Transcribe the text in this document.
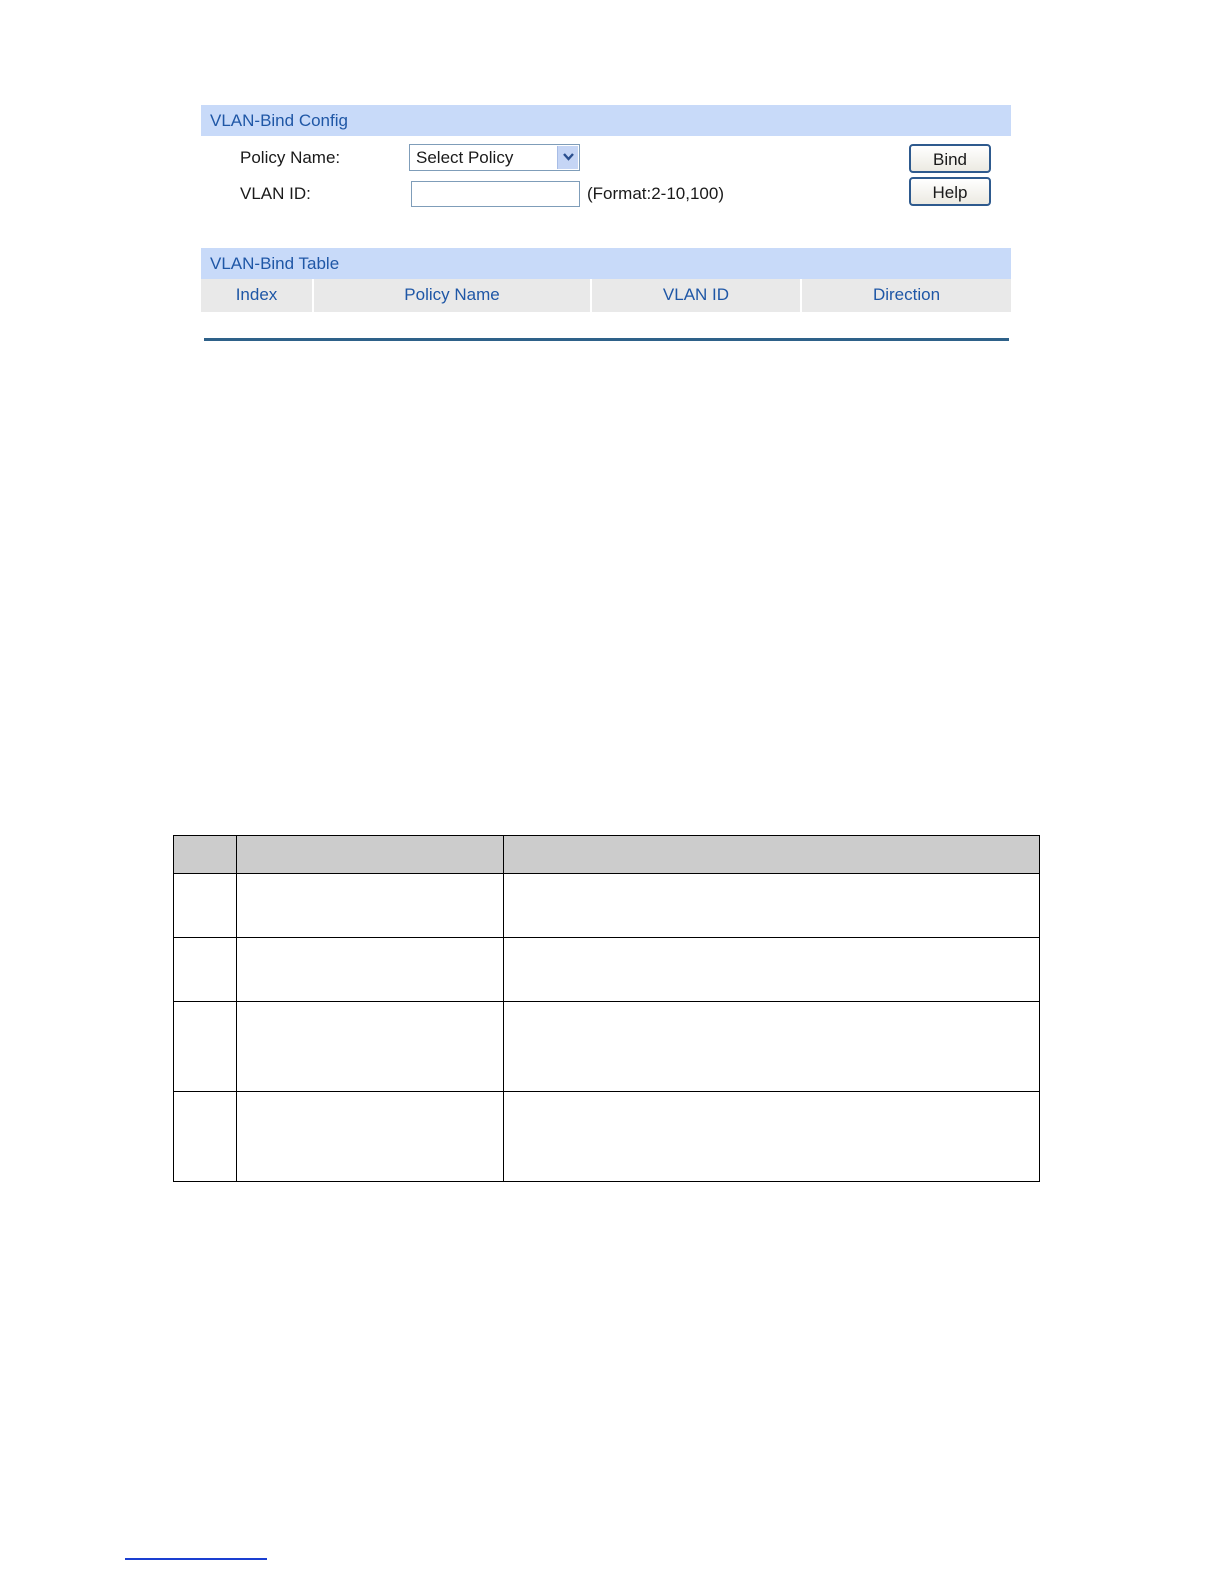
VLAN-Bind Config
Policy Name:	Select Policy
VLAN ID:	(Format:2-10,100)
Bind
Help
VLAN-Bind Table
Index	Policy Name	VLAN ID	Direction
